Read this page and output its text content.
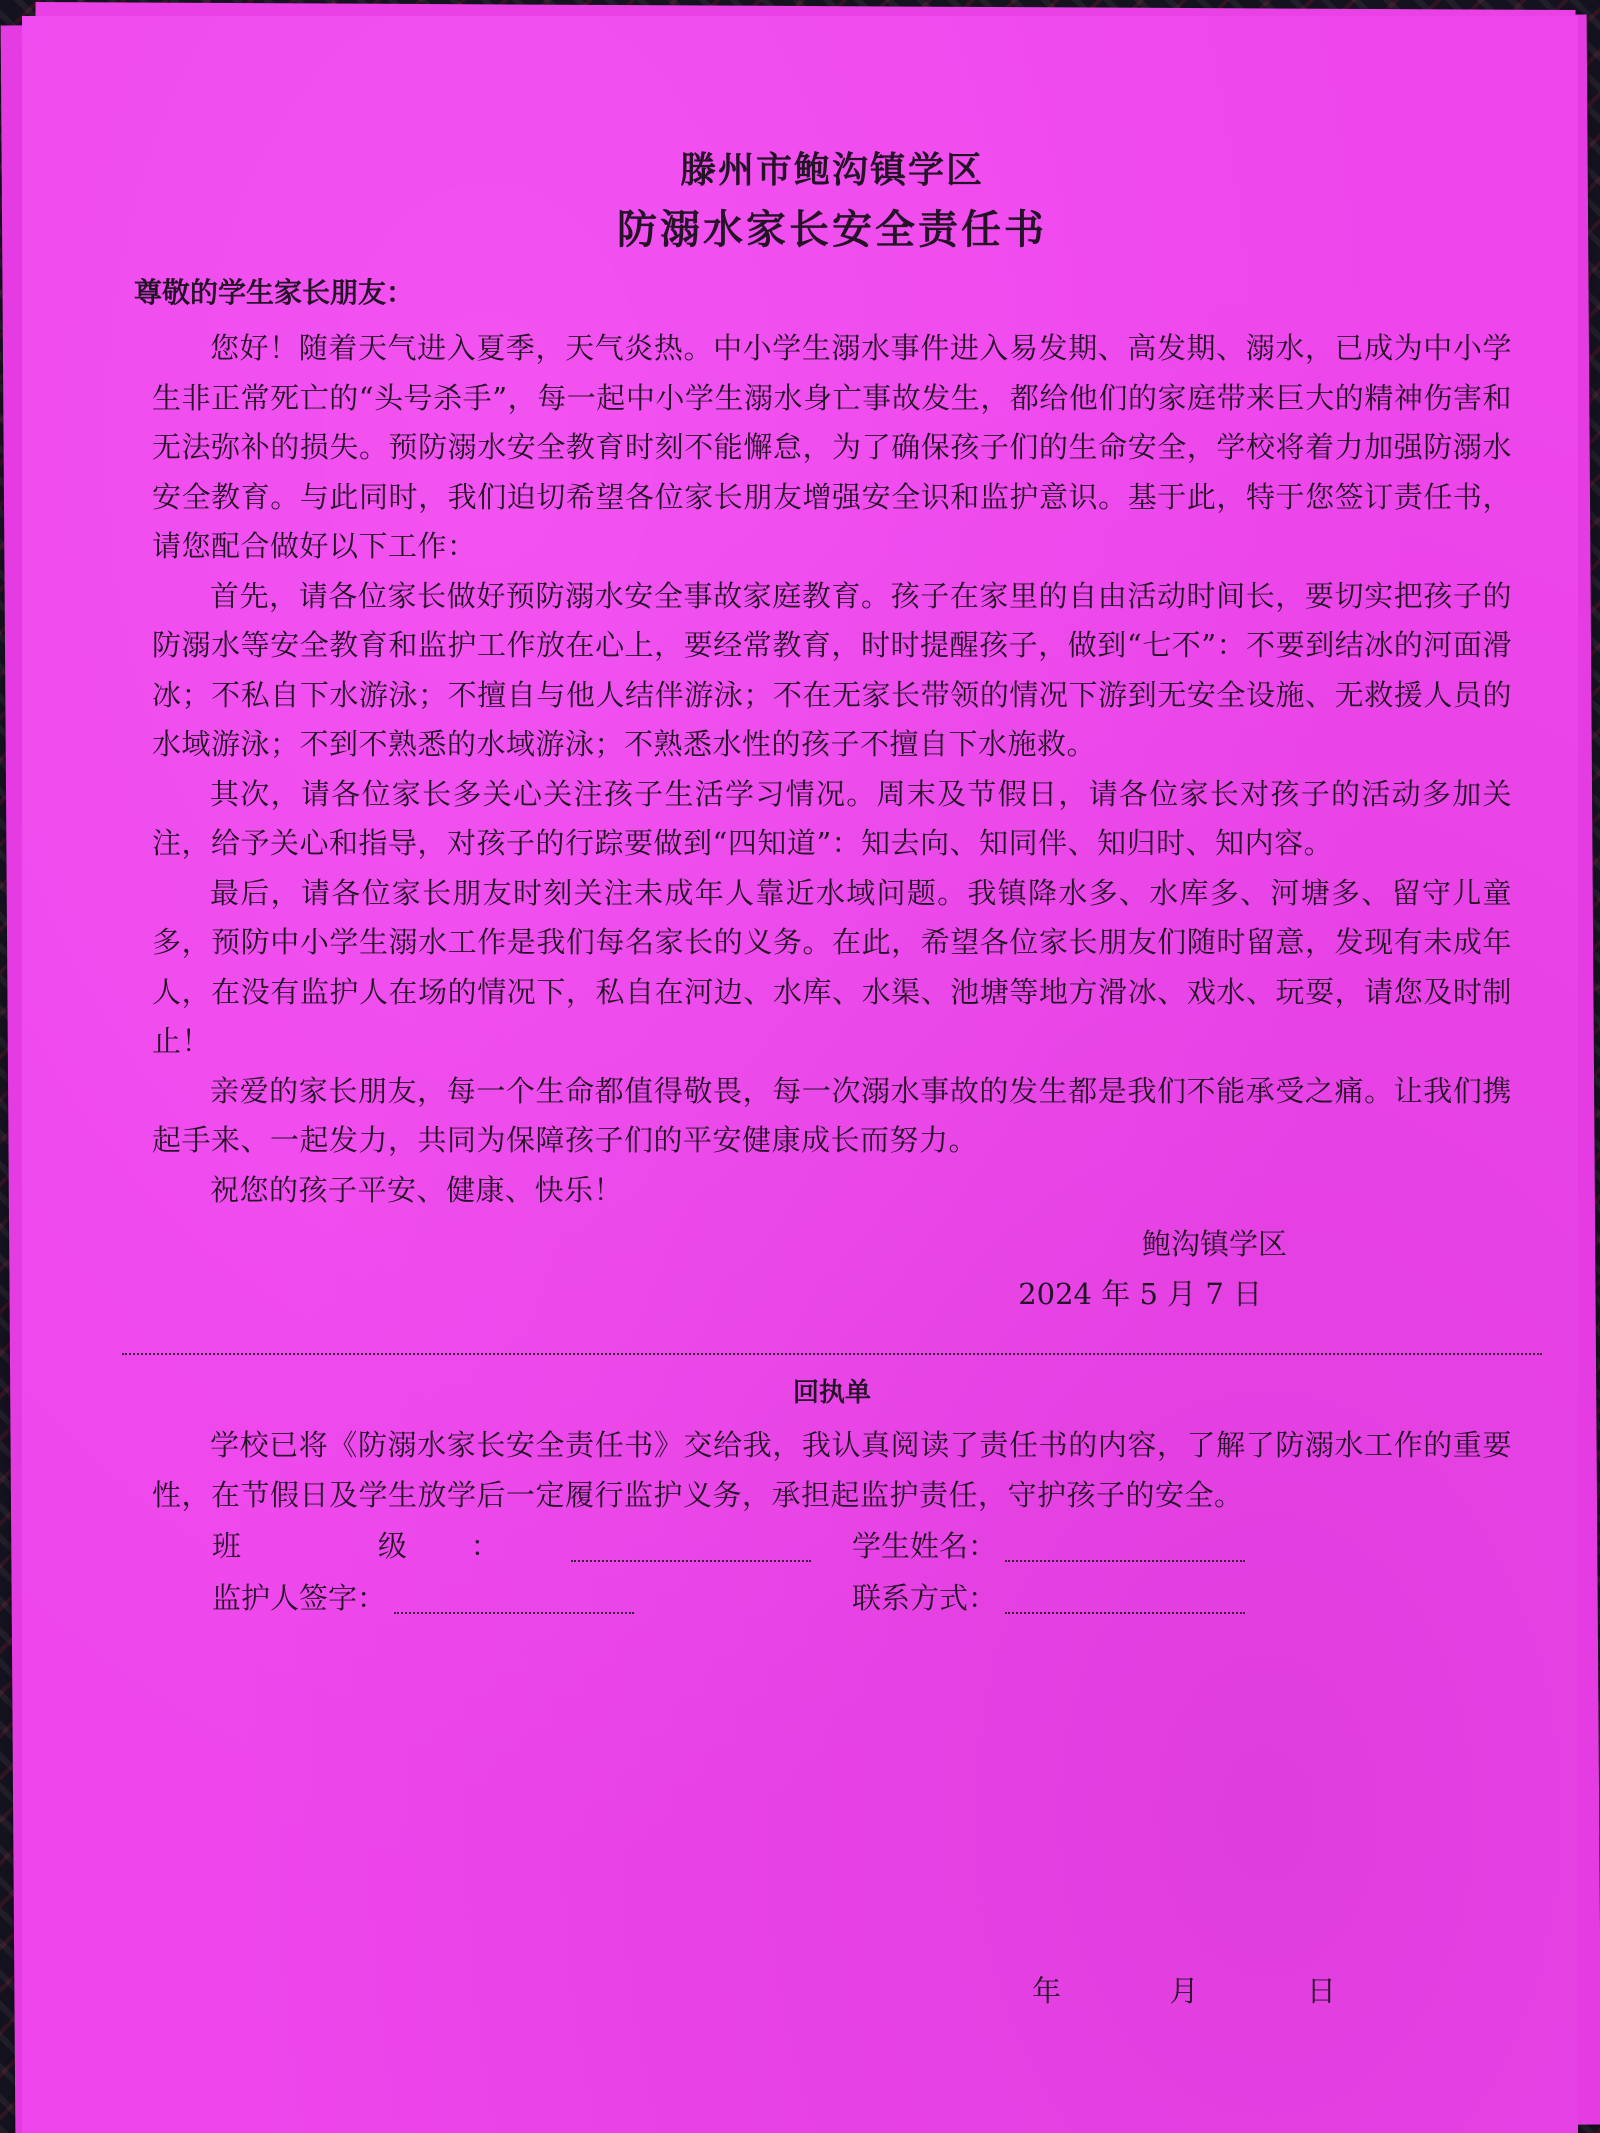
滕州市鲍沟镇学区
防溺水家长安全责任书
尊敬的学生家长朋友：

您好！随着天气进入夏季，天气炎热。中小学生溺水事件进入易发期、高发期、溺水，已成为中小学生非正常死亡的“头号杀手”，每一起中小学生溺水身亡事故发生，都给他们的家庭带来巨大的精神伤害和无法弥补的损失。预防溺水安全教育时刻不能懈怠，为了确保孩子们的生命安全，学校将着力加强防溺水安全教育。与此同时，我们迫切希望各位家长朋友增强安全识和监护意识。基于此，特于您签订责任书，请您配合做好以下工作：

首先，请各位家长做好预防溺水安全事故家庭教育。孩子在家里的自由活动时间长，要切实把孩子的防溺水等安全教育和监护工作放在心上，要经常教育，时时提醒孩子，做到“七不”：不要到结冰的河面滑冰；不私自下水游泳；不擅自与他人结伴游泳；不在无家长带领的情况下游到无安全设施、无救援人员的水域游泳；不到不熟悉的水域游泳；不熟悉水性的孩子不擅自下水施救。

其次，请各位家长多关心关注孩子生活学习情况。周末及节假日，请各位家长对孩子的活动多加关注，给予关心和指导，对孩子的行踪要做到“四知道”：知去向、知同伴、知归时、知内容。

最后，请各位家长朋友时刻关注未成年人靠近水域问题。我镇降水多、水库多、河塘多、留守儿童多，预防中小学生溺水工作是我们每名家长的义务。在此，希望各位家长朋友们随时留意，发现有未成年人，在没有监护人在场的情况下，私自在河边、水库、水渠、池塘等地方滑冰、戏水、玩耍，请您及时制止！

亲爱的家长朋友，每一个生命都值得敬畏，每一次溺水事故的发生都是我们不能承受之痛。让我们携起手来、一起发力，共同为保障孩子们的平安健康成长而努力。

祝您的孩子平安、健康、快乐！

鲍沟镇学区
2024 年 5 月 7 日
回执单

学校已将《防溺水家长安全责任书》交给我，我认真阅读了责任书的内容，了解了防溺水工作的重要性，在节假日及学生放学后一定履行监护义务，承担起监护责任，守护孩子的安全。

班 级：	学生姓名：
监护人签字：	联系方式：
年	月	日
